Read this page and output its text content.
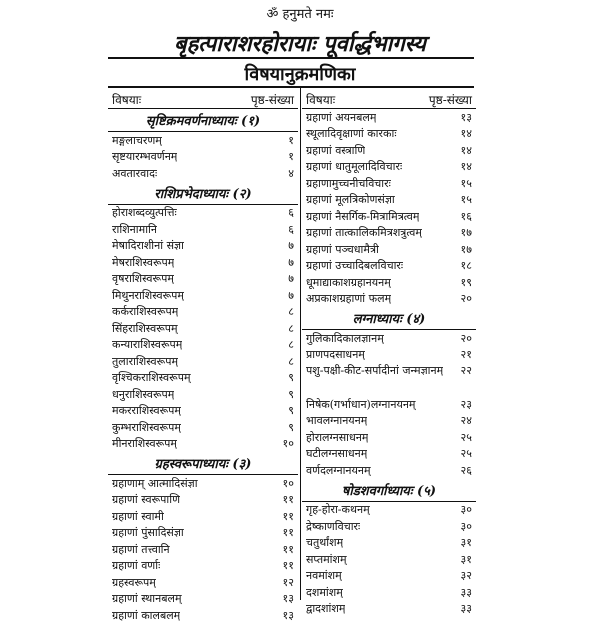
ॐ हनुमते नमः
बृहत्पाराशरहोरायाः पूर्वार्द्धभागस्य
विषयानुक्रमणिका
विषयाः	पृष्ठ-संख्या
सृष्टिक्रमवर्णनाध्यायः (१)
मङ्गलाचरणम्	१
सृष्टयारम्भवर्णनम्	१
अवतारवादः	४
राशिप्रभेदाध्यायः (२)
होराशब्दव्युत्पत्तिः	६
राशिनामानि	६
मेषादिराशीनां संज्ञा	७
मेषराशिस्वरूपम्	७
वृषराशिस्वरूपम्	७
मिथुनराशिस्वरूपम्	७
कर्कराशिस्वरूपम्	८
सिंहराशिस्वरूपम्	८
कन्याराशिस्वरूपम्	८
तुलाराशिस्वरूपम्	८
वृश्चिकराशिस्वरूपम्	९
धनुराशिस्वरूपम्	९
मकरराशिस्वरूपम्	९
कुम्भराशिस्वरूपम्	९
मीनराशिस्वरूपम्	१०
ग्रहस्वरूपाध्यायः (३)
ग्रहाणाम् आत्मादिसंज्ञा	१०
ग्रहाणां स्वरूपाणि	११
ग्रहाणां स्वामी	११
ग्रहाणां पुंसादिसंज्ञा	११
ग्रहाणां तत्त्वानि	११
ग्रहाणां वर्णाः	११
ग्रहस्वरूपम्	१२
ग्रहाणां स्थानबलम्	१३
ग्रहाणां कालबलम्	१३
विषयाः	पृष्ठ-संख्या
ग्रहाणां अयनबलम्	१३
स्थूलादिवृक्षाणां कारकाः	१४
ग्रहाणां वस्त्राणि	१४
ग्रहाणां धातुमूलादिविचारः	१४
ग्रहाणामुच्चनीचविचारः	१५
ग्रहाणां मूलत्रिकोणसंज्ञा	१५
ग्रहाणां नैसर्गिक-मित्रामित्रत्वम्	१६
ग्रहाणां तात्कालिकमित्रशत्रुत्वम्	१७
ग्रहाणां पञ्चधामैत्री	१७
ग्रहाणां उच्चादिबलविचारः	१८
धूमाद्याकाशग्रहानयनम्	१९
अप्रकाशग्रहाणां फलम्	२०
लग्नाध्यायः (४)
गुलिकादिकालज्ञानम्	२०
प्राणपदसाधनम्	२१
पशु-पक्षी-कीट-सर्पादीनां जन्मज्ञानम्	२२
निषेक(गर्भाधान)लग्नानयनम्	२३
भावलग्नानयनम्	२४
होरालग्नसाधनम्	२५
घटीलग्नसाधनम्	२५
वर्णदलग्नानयनम्	२६
षोडशवर्गाध्यायः (५)
गृह-होरा-कथनम्	३०
द्रेष्काणविचारः	३०
चतुर्थांशम्	३१
सप्तमांशम्	३१
नवमांशम्	३२
दशमांशम्	३३
द्वादशांशम्	३३
